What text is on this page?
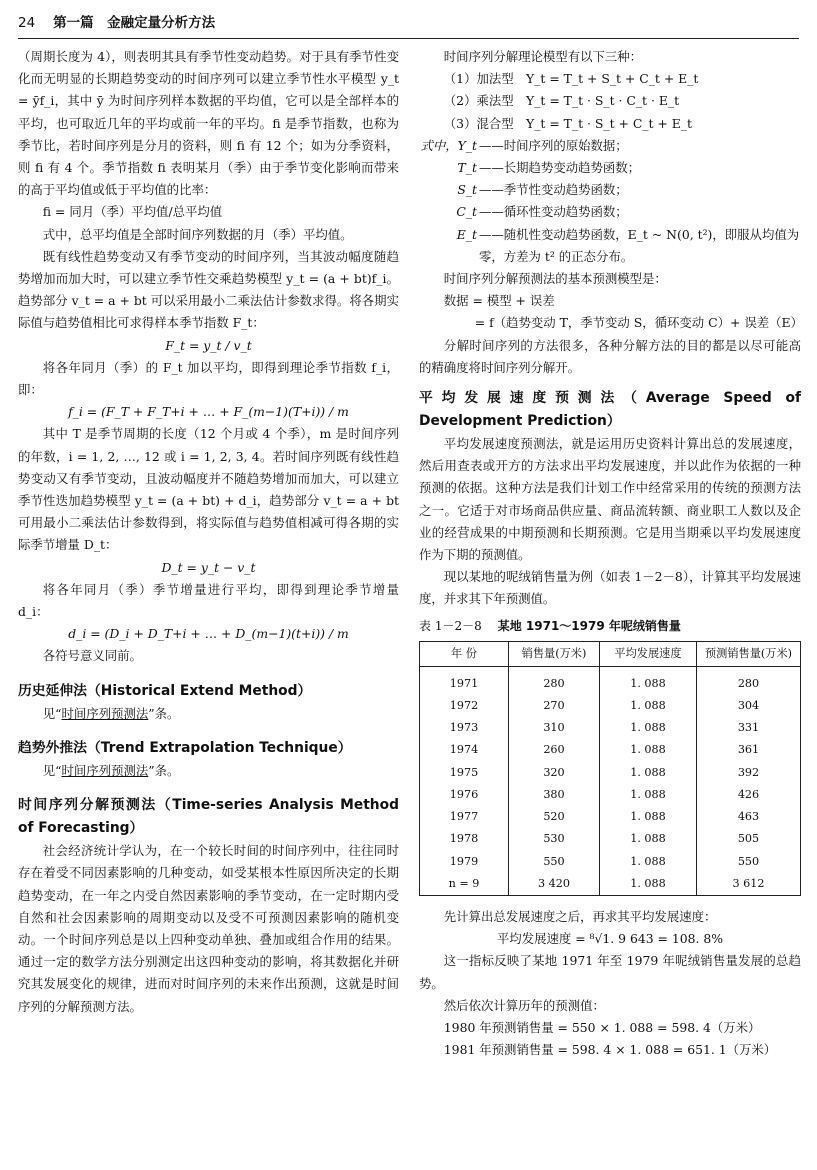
24 第一篇　金融定量分析方法

（周期长度为 4），则表明其具有季节性变动趋势。对于具有季节性变化而无明显的长期趋势变动的时间序列可以建立季节性水平模型 y_t = ȳf_i，其中 ȳ 为时间序列样本数据的平均值，它可以是全部样本的平均，也可取近几年的平均或前一年的平均。fi 是季节指数，也称为季节比，若时间序列是分月的资料，则 fi 有 12 个；如为分季资料，则 fi 有 4 个。季节指数 fi 表明某月（季）由于季节变化影响而带来的高于平均值或低于平均值的比率：

fi = 同月（季）平均值/总平均值

式中，总平均值是全部时间序列数据的月（季）平均值。

既有线性趋势变动又有季节变动的时间序列，当其波动幅度随趋势增加而加大时，可以建立季节性交乘趋势模型 y_t = (a + bt)f_i。趋势部分 v_t = a + bt 可以采用最小二乘法估计参数求得。将各期实际值与趋势值相比可求得样本季节指数 F_t：

F_t = y_t / v_t

将各年同月（季）的 F_t 加以平均，即得到理论季节指数 f_i，即：

f_i = (F_T + F_T+i + … + F_(m−1)(T+i)) / m

其中 T 是季节周期的长度（12 个月或 4 个季），m 是时间序列的年数，i = 1, 2, …, 12 或 i = 1, 2, 3, 4。若时间序列既有线性趋势变动又有季节变动，且波动幅度并不随趋势增加而加大，可以建立季节性迭加趋势模型 y_t = (a + bt) + d_i，趋势部分 v_t = a + bt 可用最小二乘法估计参数得到，将实际值与趋势值相减可得各期的实际季节增量 D_t：

D_t = y_t − v_t

将各年同月（季）季节增量进行平均，即得到理论季节增量 d_i：

d_i = (D_i + D_T+i + … + D_(m−1)(t+i)) / m

各符号意义同前。

历史延伸法（Historical Extend Method）

见“时间序列预测法”条。

趋势外推法（Trend Extrapolation Technique）

见“时间序列预测法”条。

时间序列分解预测法（Time-series Analysis Method of Forecasting）

社会经济统计学认为，在一个较长时间的时间序列中，往往同时存在着受不同因素影响的几种变动，如受某根本性原因所决定的长期趋势变动，在一年之内受自然因素影响的季节变动，在一定时期内受自然和社会因素影响的周期变动以及受不可预测因素影响的随机变动。一个时间序列总是以上四种变动单独、叠加或组合作用的结果。通过一定的数学方法分别测定出这四种变动的影响，将其数据化并研究其发展变化的规律，进而对时间序列的未来作出预测，这就是时间序列的分解预测方法。

时间序列分解理论模型有以下三种：

（1）加法型　Y_t = T_t + S_t + C_t + E_t

（2）乘法型　Y_t = T_t · S_t · C_t · E_t

（3）混合型　Y_t = T_t · S_t + C_t + E_t

式中，Y_t ——时间序列的原始数据；
T_t ——长期趋势变动趋势函数；
S_t ——季节性变动趋势函数；
C_t ——循环性变动趋势函数；
E_t ——随机性变动趋势函数，E_t ~ N(0, t²)，即服从均值为零，方差为 t² 的正态分布。

时间序列分解预测法的基本预测模型是：

数据 = 模型 + 误差

= f（趋势变动 T，季节变动 S，循环变动 C）+ 误差（E）

分解时间序列的方法很多，各种分解方法的目的都是以尽可能高的精确度将时间序列分解开。

平均发展速度预测法（Average Speed of Development Prediction）

平均发展速度预测法，就是运用历史资料计算出总的发展速度，然后用查表或开方的方法求出平均发展速度，并以此作为依据的一种预测的依据。这种方法是我们计划工作中经常采用的传统的预测方法之一。它适于对市场商品供应量、商品流转额、商业职工人数以及企业的经营成果的中期预测和长期预测。它是用当期乘以平均发展速度作为下期的预测值。

现以某地的呢绒销售量为例（如表 1－2－8），计算其平均发展速度，并求其下年预测值。

表 1－2－8 某地 1971～1979 年呢绒销售量
年 份	销售量(万米)	平均发展速度	预测销售量(万米)
1971	280	1. 088	280
1972	270	1. 088	304
1973	310	1. 088	331
1974	260	1. 088	361
1975	320	1. 088	392
1976	380	1. 088	426
1977	520	1. 088	463
1978	530	1. 088	505
1979	550	1. 088	550
n = 9	3 420	1. 088	3 612

先计算出总发展速度之后，再求其平均发展速度：

平均发展速度 = ⁸√1. 9 643 = 108. 8%

这一指标反映了某地 1971 年至 1979 年呢绒销售量发展的总趋势。

然后依次计算历年的预测值：

1980 年预测销售量 = 550 × 1. 088 = 598. 4（万米）

1981 年预测销售量 = 598. 4 × 1. 088 = 651. 1（万米）
